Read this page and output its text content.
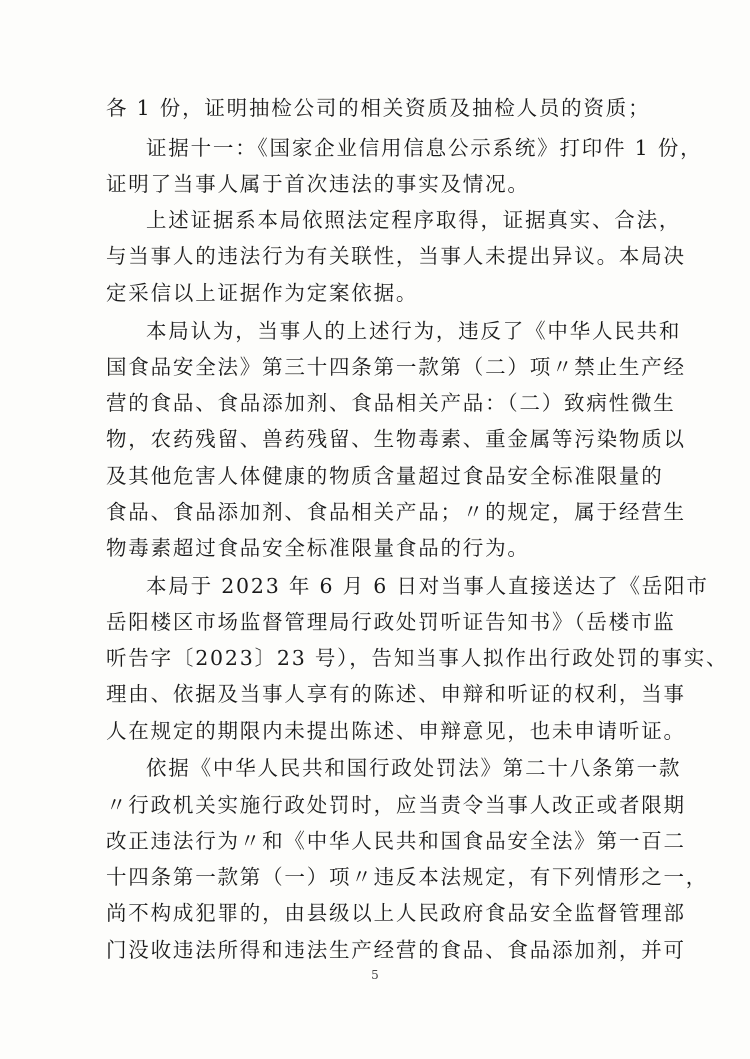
各 1 份，证明抽检公司的相关资质及抽检人员的资质；
证据十一：《国家企业信用信息公示系统》打印件 1 份，
证明了当事人属于首次违法的事实及情况。
上述证据系本局依照法定程序取得，证据真实、合法，
与当事人的违法行为有关联性，当事人未提出异议。本局决
定采信以上证据作为定案依据。
本局认为，当事人的上述行为，违反了《中华人民共和
国食品安全法》第三十四条第一款第（二）项〃禁止生产经
营的食品、食品添加剂、食品相关产品：（二）致病性微生
物，农药残留、兽药残留、生物毒素、重金属等污染物质以
及其他危害人体健康的物质含量超过食品安全标准限量的
食品、食品添加剂、食品相关产品；〃的规定，属于经营生
物毒素超过食品安全标准限量食品的行为。
本局于 2023 年 6 月 6 日对当事人直接送达了《岳阳市
岳阳楼区市场监督管理局行政处罚听证告知书》（岳楼市监
听告字〔2023〕23 号），告知当事人拟作出行政处罚的事实、
理由、依据及当事人享有的陈述、申辩和听证的权利，当事
人在规定的期限内未提出陈述、申辩意见，也未申请听证。
依据《中华人民共和国行政处罚法》第二十八条第一款
〃行政机关实施行政处罚时，应当责令当事人改正或者限期
改正违法行为〃和《中华人民共和国食品安全法》第一百二
十四条第一款第（一）项〃违反本法规定，有下列情形之一，
尚不构成犯罪的，由县级以上人民政府食品安全监督管理部
门没收违法所得和违法生产经营的食品、食品添加剂，并可
5
